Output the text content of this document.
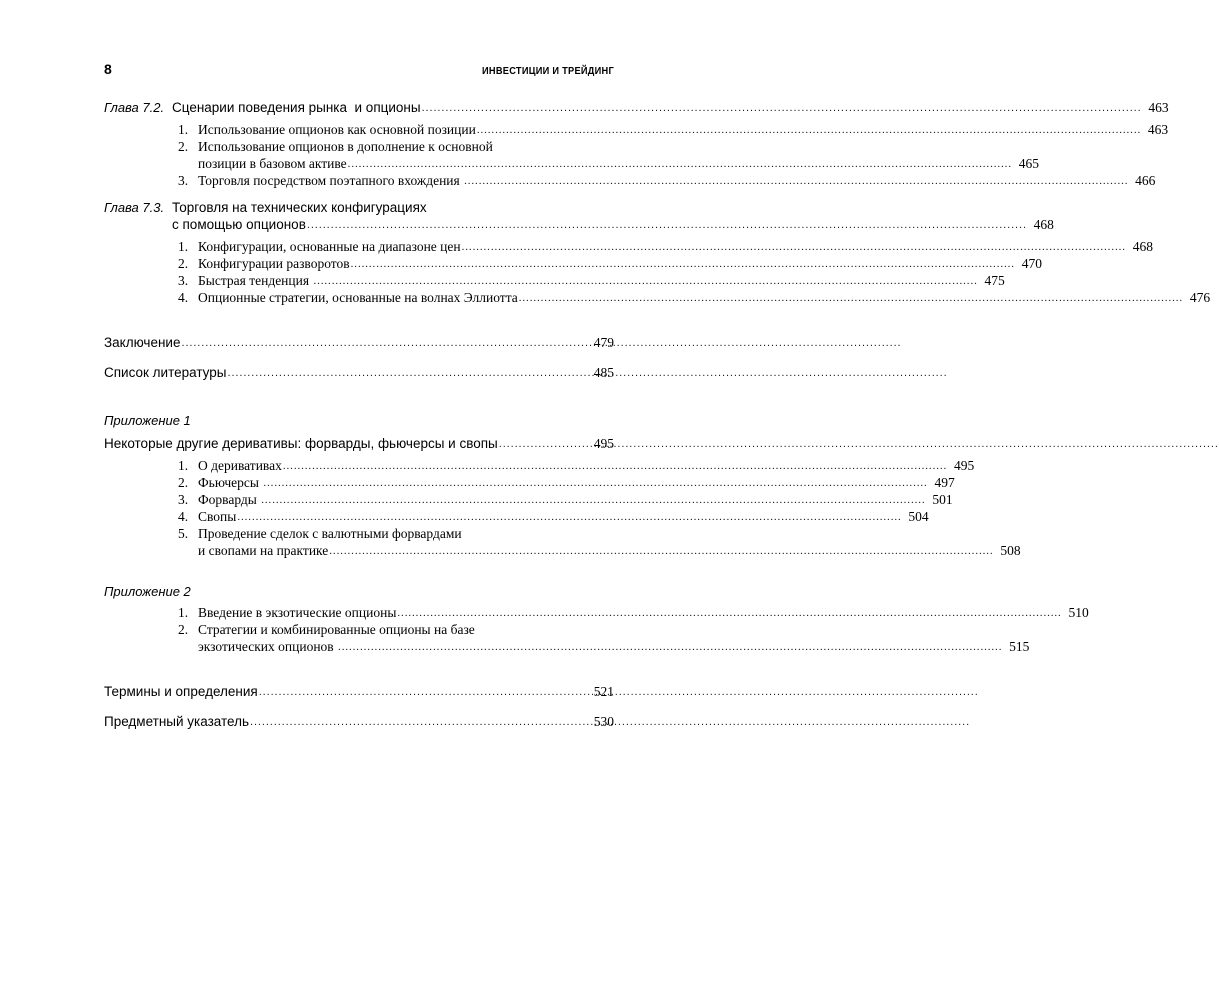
8	ИНВЕСТИЦИИ И ТРЕЙДИНГ
Глава 7.2. Сценарии поведения рынка  и опционы .....	463
1. Использование опционов как основной позиции .....	463
2. Использование опционов в дополнение к основной
позиции в базовом активе .....	465
3. Торговля посредством поэтапного вхождения .....	466
Глава 7.3. Торговля на технических конфигурациях
с помощью опционов .....	468
1. Конфигурации, основанные на диапазоне цен .....	468
2. Конфигурации разворотов .....	470
3. Быстрая тенденция .....	475
4. Опционные стратегии, основанные на волнах Эллиотта .....	476
Заключение .....	479
Список литературы .....	485
Приложение 1
Некоторые другие деривативы: форварды, фьючерсы и свопы .....	495
1. О деривативах .....	495
2. Фьючерсы .....	497
3. Форварды .....	501
4. Свопы .....	504
5. Проведение сделок с валютными форвардами
и свопами на практике .....	508
Приложение 2
1. Введение в экзотические опционы .....	510
2. Стратегии и комбинированные опционы на базе
экзотических опционов .....	515
Термины и определения .....	521
Предметный указатель .....	530
